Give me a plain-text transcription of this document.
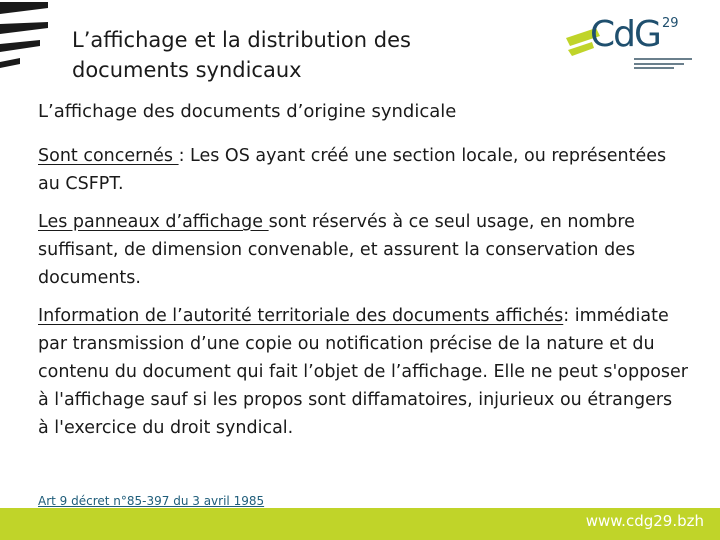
L’affichage et la distribution des
documents syndicaux
CdG 29

L’affichage des documents d’origine syndicale

Sont concernés : Les OS ayant créé une section locale, ou représentées au CSFPT.

Les panneaux d’affichage sont réservés à ce seul usage, en nombre suffisant, de dimension convenable, et assurent la conservation des documents.

Information de l’autorité territoriale des documents affichés: immédiate par transmission d’une copie ou notification précise de la nature et du contenu du document qui fait l’objet de l’affichage. Elle ne peut s'opposer à l'affichage sauf si les propos sont diffamatoires, injurieux ou étrangers à l'exercice du droit syndical.

Art 9 décret n°85-397 du 3 avril 1985
www.cdg29.bzh
